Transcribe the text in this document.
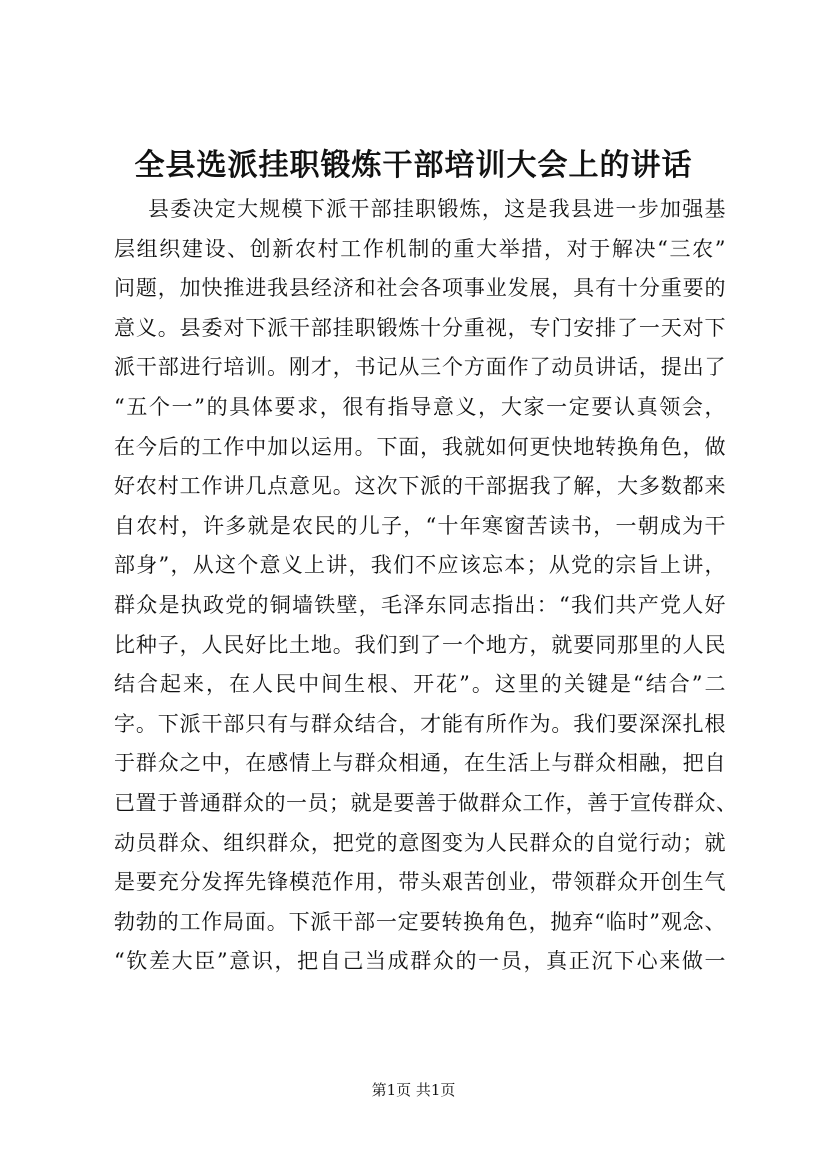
全县选派挂职锻炼干部培训大会上的讲话
县委决定大规模下派干部挂职锻炼，这是我县进一步加强基
层组织建设、创新农村工作机制的重大举措，对于解决“三农”
问题，加快推进我县经济和社会各项事业发展，具有十分重要的
意义。县委对下派干部挂职锻炼十分重视，专门安排了一天对下
派干部进行培训。刚才，书记从三个方面作了动员讲话，提出了
“五个一”的具体要求，很有指导意义，大家一定要认真领会，
在今后的工作中加以运用。下面，我就如何更快地转换角色，做
好农村工作讲几点意见。这次下派的干部据我了解，大多数都来
自农村，许多就是农民的儿子，“十年寒窗苦读书，一朝成为干
部身”，从这个意义上讲，我们不应该忘本；从党的宗旨上讲，
群众是执政党的铜墙铁壁，毛泽东同志指出：“我们共产党人好
比种子，人民好比土地。我们到了一个地方，就要同那里的人民
结合起来，在人民中间生根、开花”。这里的关键是“结合”二
字。下派干部只有与群众结合，才能有所作为。我们要深深扎根
于群众之中，在感情上与群众相通，在生活上与群众相融，把自
已置于普通群众的一员；就是要善于做群众工作，善于宣传群众、
动员群众、组织群众，把党的意图变为人民群众的自觉行动；就
是要充分发挥先锋模范作用，带头艰苦创业，带领群众开创生气
勃勃的工作局面。下派干部一定要转换角色，抛弃“临时”观念、
“钦差大臣”意识，把自己当成群众的一员，真正沉下心来做一
第1页 共1页
